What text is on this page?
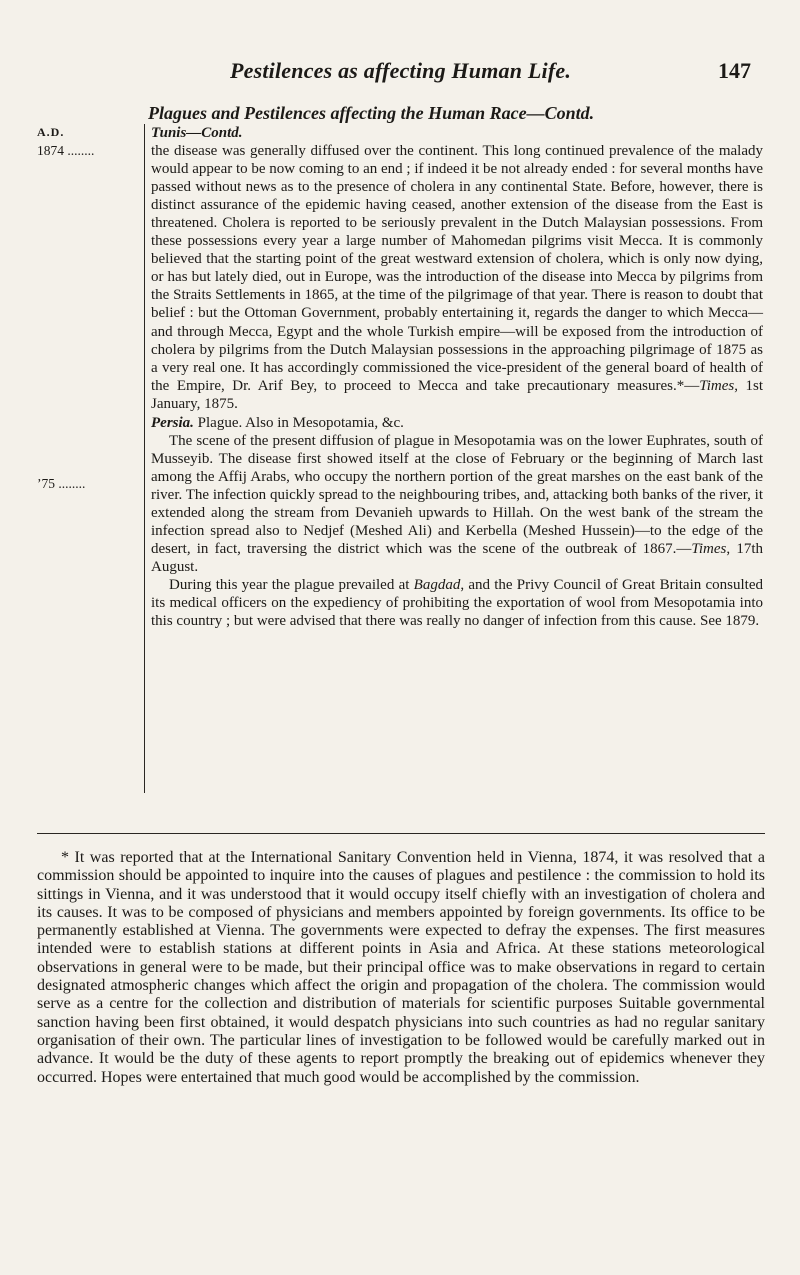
Pestilences as affecting Human Life.	147
Plagues and Pestilences affecting the Human Race—Contd.
A.D.
1874 ........
’75 ........

Tunis—Contd.
the disease was generally diffused over the continent. This long continued prevalence of the malady would appear to be now coming to an end ; if indeed it be not already ended : for several months have passed without news as to the presence of cholera in any continental State. Before, however, there is distinct assurance of the epidemic having ceased, another extension of the disease from the East is threatened. Cholera is reported to be seriously prevalent in the Dutch Malaysian possessions. From these possessions every year a large number of Mahomedan pilgrims visit Mecca. It is commonly believed that the starting point of the great westward extension of cholera, which is only now dying, or has but lately died, out in Europe, was the introduction of the disease into Mecca by pilgrims from the Straits Settlements in 1865, at the time of the pilgrimage of that year. There is reason to doubt that belief : but the Ottoman Government, probably entertaining it, regards the danger to which Mecca—and through Mecca, Egypt and the whole Turkish empire—will be exposed from the introduction of cholera by pilgrims from the Dutch Malaysian possessions in the approaching pilgrimage of 1875 as a very real one. It has accordingly commissioned the vice-president of the general board of health of the Empire, Dr. Arif Bey, to proceed to Mecca and take precautionary measures.*—Times, 1st January, 1875.

Persia. Plague. Also in Mesopotamia, &c.

The scene of the present diffusion of plague in Mesopotamia was on the lower Euphrates, south of Musseyib. The disease first showed itself at the close of February or the beginning of March last among the Affij Arabs, who occupy the northern portion of the great marshes on the east bank of the river. The infection quickly spread to the neighbouring tribes, and, attacking both banks of the river, it extended along the stream from Devanieh upwards to Hillah. On the west bank of the stream the infection spread also to Nedjef (Meshed Ali) and Kerbella (Meshed Hussein)—to the edge of the desert, in fact, traversing the district which was the scene of the outbreak of 1867.—Times, 17th August.

During this year the plague prevailed at Bagdad, and the Privy Council of Great Britain consulted its medical officers on the expediency of prohibiting the exportation of wool from Mesopotamia into this country ; but were advised that there was really no danger of infection from this cause. See 1879.

* It was reported that at the International Sanitary Convention held in Vienna, 1874, it was resolved that a commission should be appointed to inquire into the causes of plagues and pestilence : the commission to hold its sittings in Vienna, and it was understood that it would occupy itself chiefly with an investigation of cholera and its causes. It was to be composed of physicians and members appointed by foreign governments. Its office to be permanently established at Vienna. The governments were expected to defray the expenses. The first measures intended were to establish stations at different points in Asia and Africa. At these stations meteorological observations in general were to be made, but their principal office was to make observations in regard to certain designated atmospheric changes which affect the origin and propagation of the cholera. The commission would serve as a centre for the collection and distribution of materials for scientific purposes Suitable governmental sanction having been first obtained, it would despatch physicians into such countries as had no regular sanitary organisation of their own. The particular lines of investigation to be followed would be carefully marked out in advance. It would be the duty of these agents to report promptly the breaking out of epidemics whenever they occurred. Hopes were entertained that much good would be accomplished by the commission.
